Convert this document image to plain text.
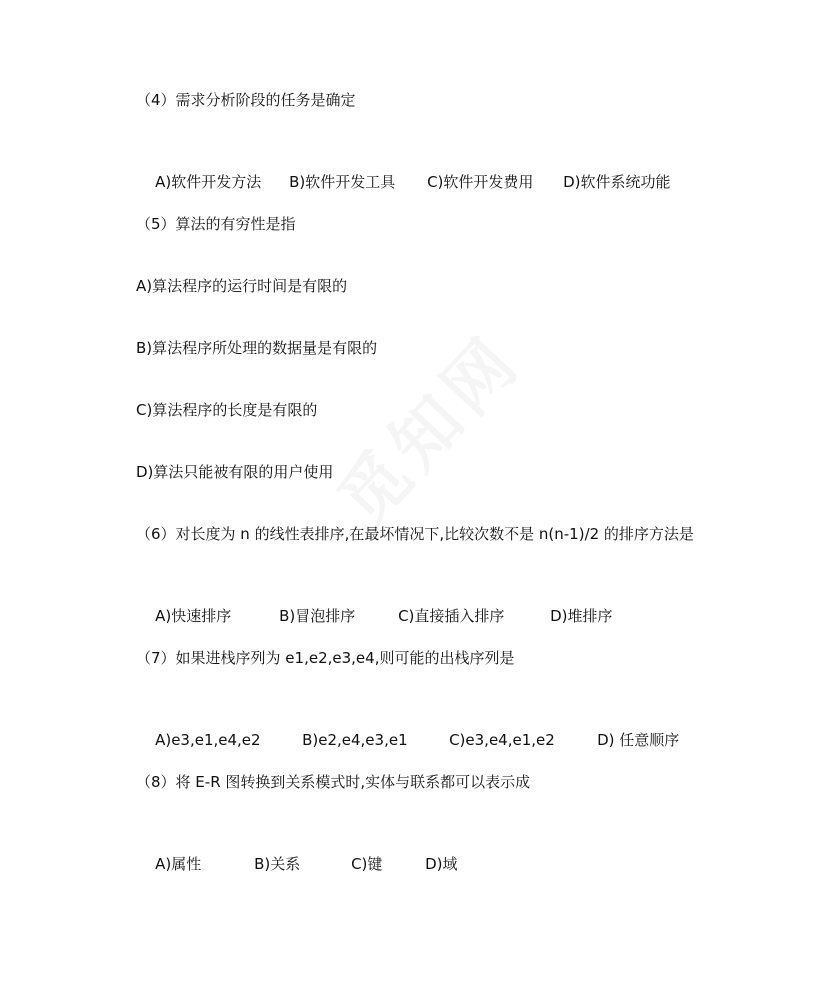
（4）需求分析阶段的任务是确定

A)软件开发方法 B)软件开发工具 C)软件开发费用 D)软件系统功能

（5）算法的有穷性是指
A)算法程序的运行时间是有限的
B)算法程序所处理的数据量是有限的
C)算法程序的长度是有限的
D)算法只能被有限的用户使用
（6）对长度为 n 的线性表排序,在最坏情况下,比较次数不是 n(n-1)/2 的排序方法是

A)快速排序	B)冒泡排序	C)直接插入排序	D)堆排序

（7）如果进栈序列为 e1,e2,e3,e4,则可能的出栈序列是

A)e3,e1,e4,e2	B)e2,e4,e3,e1	C)e3,e4,e1,e2	D) 任意顺序

（8）将 E-R 图转换到关系模式时,实体与联系都可以表示成

A)属性	B)关系	C)键	D)域
